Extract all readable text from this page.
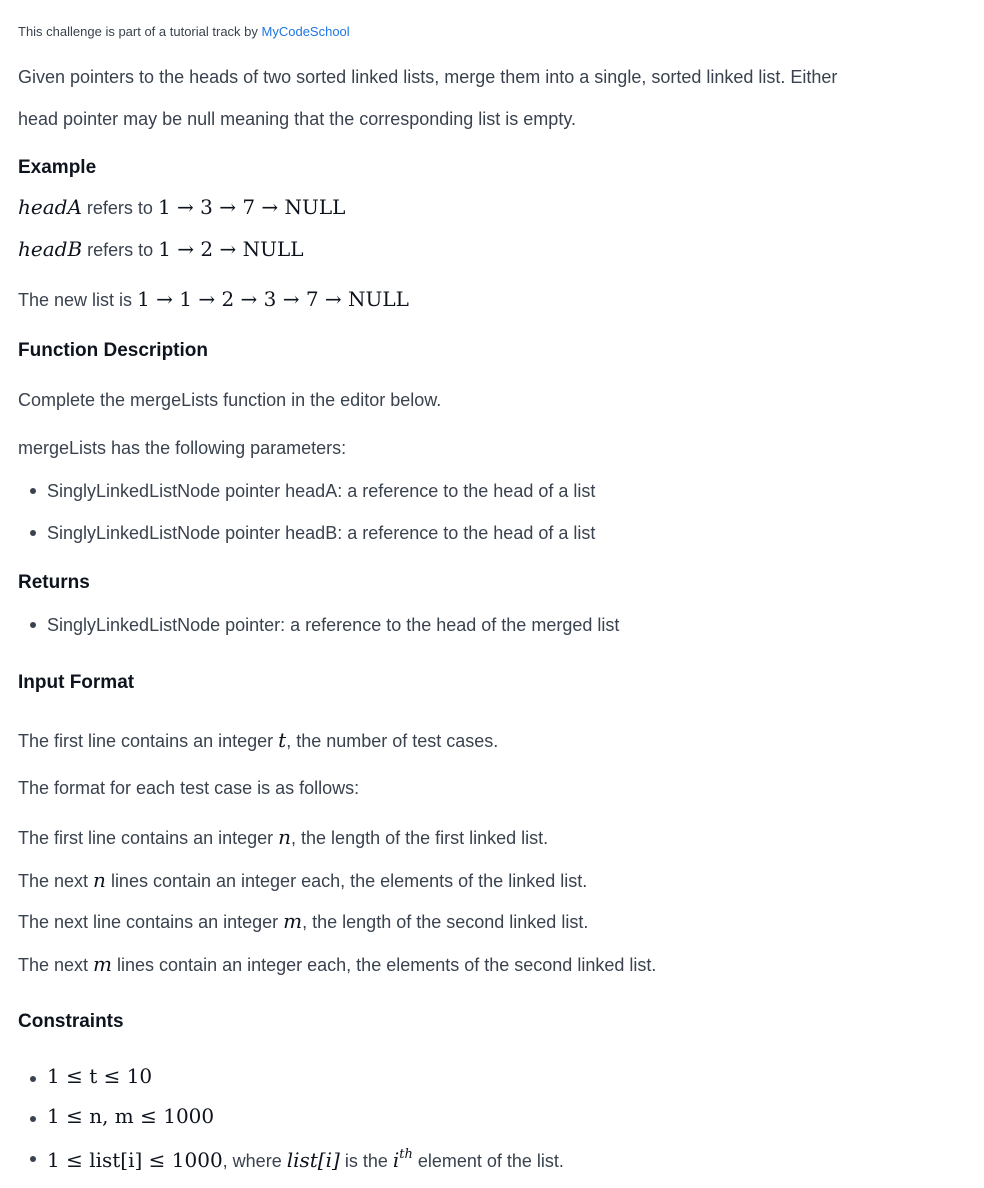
This challenge is part of a tutorial track by MyCodeSchool
Given pointers to the heads of two sorted linked lists, merge them into a single, sorted linked list. Either
head pointer may be null meaning that the corresponding list is empty.
Example
headA refers to 1 → 3 → 7 → NULL
headB refers to 1 → 2 → NULL
The new list is 1 → 1 → 2 → 3 → 7 → NULL
Function Description
Complete the mergeLists function in the editor below.
mergeLists has the following parameters:
SinglyLinkedListNode pointer headA: a reference to the head of a list
SinglyLinkedListNode pointer headB: a reference to the head of a list
Returns
SinglyLinkedListNode pointer: a reference to the head of the merged list
Input Format
The first line contains an integer t, the number of test cases.
The format for each test case is as follows:
The first line contains an integer n, the length of the first linked list.
The next n lines contain an integer each, the elements of the linked list.
The next line contains an integer m, the length of the second linked list.
The next m lines contain an integer each, the elements of the second linked list.
Constraints
1 ≤ t ≤ 10
1 ≤ n, m ≤ 1000
1 ≤ list[i] ≤ 1000, where list[i] is the $i^{th}$ element of the list.
